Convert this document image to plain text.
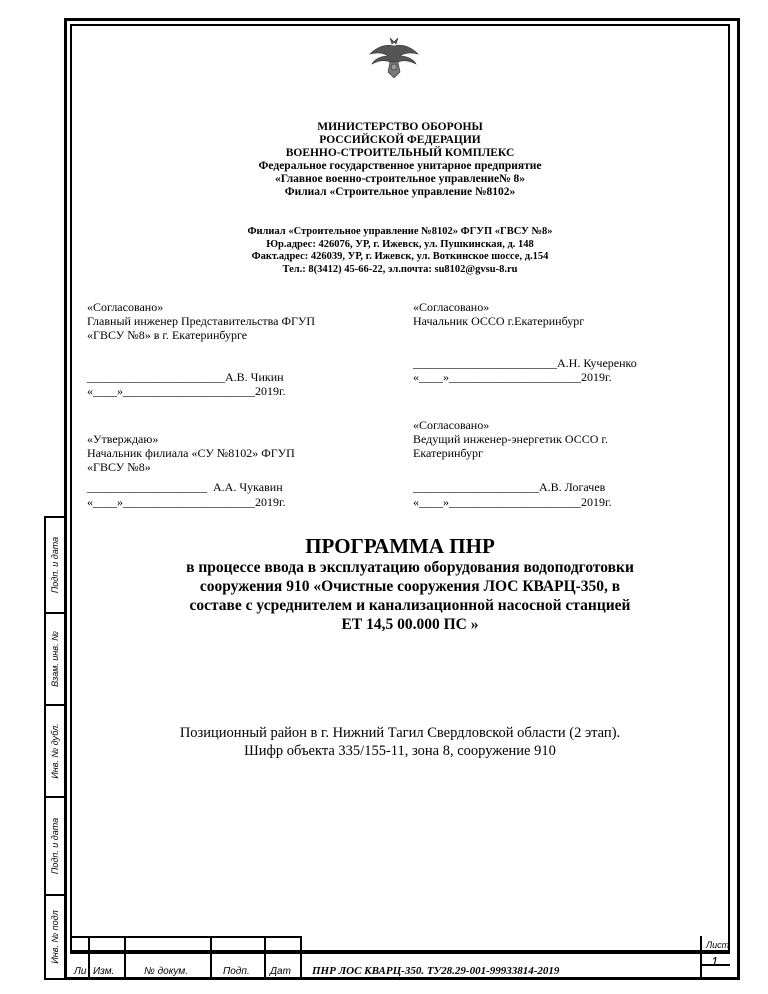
Подп. и дата
Взам. инв. №
Инв. № дубл.
Подп. и дата
Инв. № подл
МИНИСТЕРСТВО ОБОРОНЫ
РОССИЙСКОЙ ФЕДЕРАЦИИ
ВОЕННО-СТРОИТЕЛЬНЫЙ КОМПЛЕКС
Федеральное государственное унитарное предприятие
«Главное военно-строительное управление№ 8»
Филиал «Строительное управление №8102»
Филиал «Строительное управление №8102» ФГУП «ГВСУ №8»
Юр.адрес: 426076, УР, г. Ижевск, ул. Пушкинская, д. 148
Факт.адрес: 426039, УР, г. Ижевск, ул. Воткинское шоссе, д.154
Тел.: 8(3412) 45-66-22, эл.почта: su8102@gvsu-8.ru
«Согласовано»
Главный инженер Представительства ФГУП
«ГВСУ №8» в г. Екатеринбурге
_______________________А.В. Чикин
«____»______________________2019г.
«Согласовано»
Начальник ОССО г.Екатеринбург
________________________А.Н. Кучеренко
«____»______________________2019г.
«Утверждаю»
Начальник филиала «СУ №8102» ФГУП
«ГВСУ №8»
____________________  А.А. Чукавин
«____»______________________2019г.
«Согласовано»
Ведущий инженер-энергетик ОССО г.
Екатеринбург
_____________________А.В. Логачев
«____»______________________2019г.
ПРОГРАММА ПНР
в процессе ввода в эксплуатацию оборудования водоподготовки
сооружения 910 «Очистные сооружения ЛОС КВАРЦ-350, в
составе с усреднителем и канализационной насосной станцией
ЕТ 14,5 00.000 ПС »
Позиционный район в г. Нижний Тагил Свердловской области (2 этап).
Шифр объекта 335/155-11, зона 8, сооружение 910
Ли Изм.	№ докум.	Подп. Дат ПНР ЛОС КВАРЦ-350. ТУ28.29-001-99933814-2019
Лист
1
